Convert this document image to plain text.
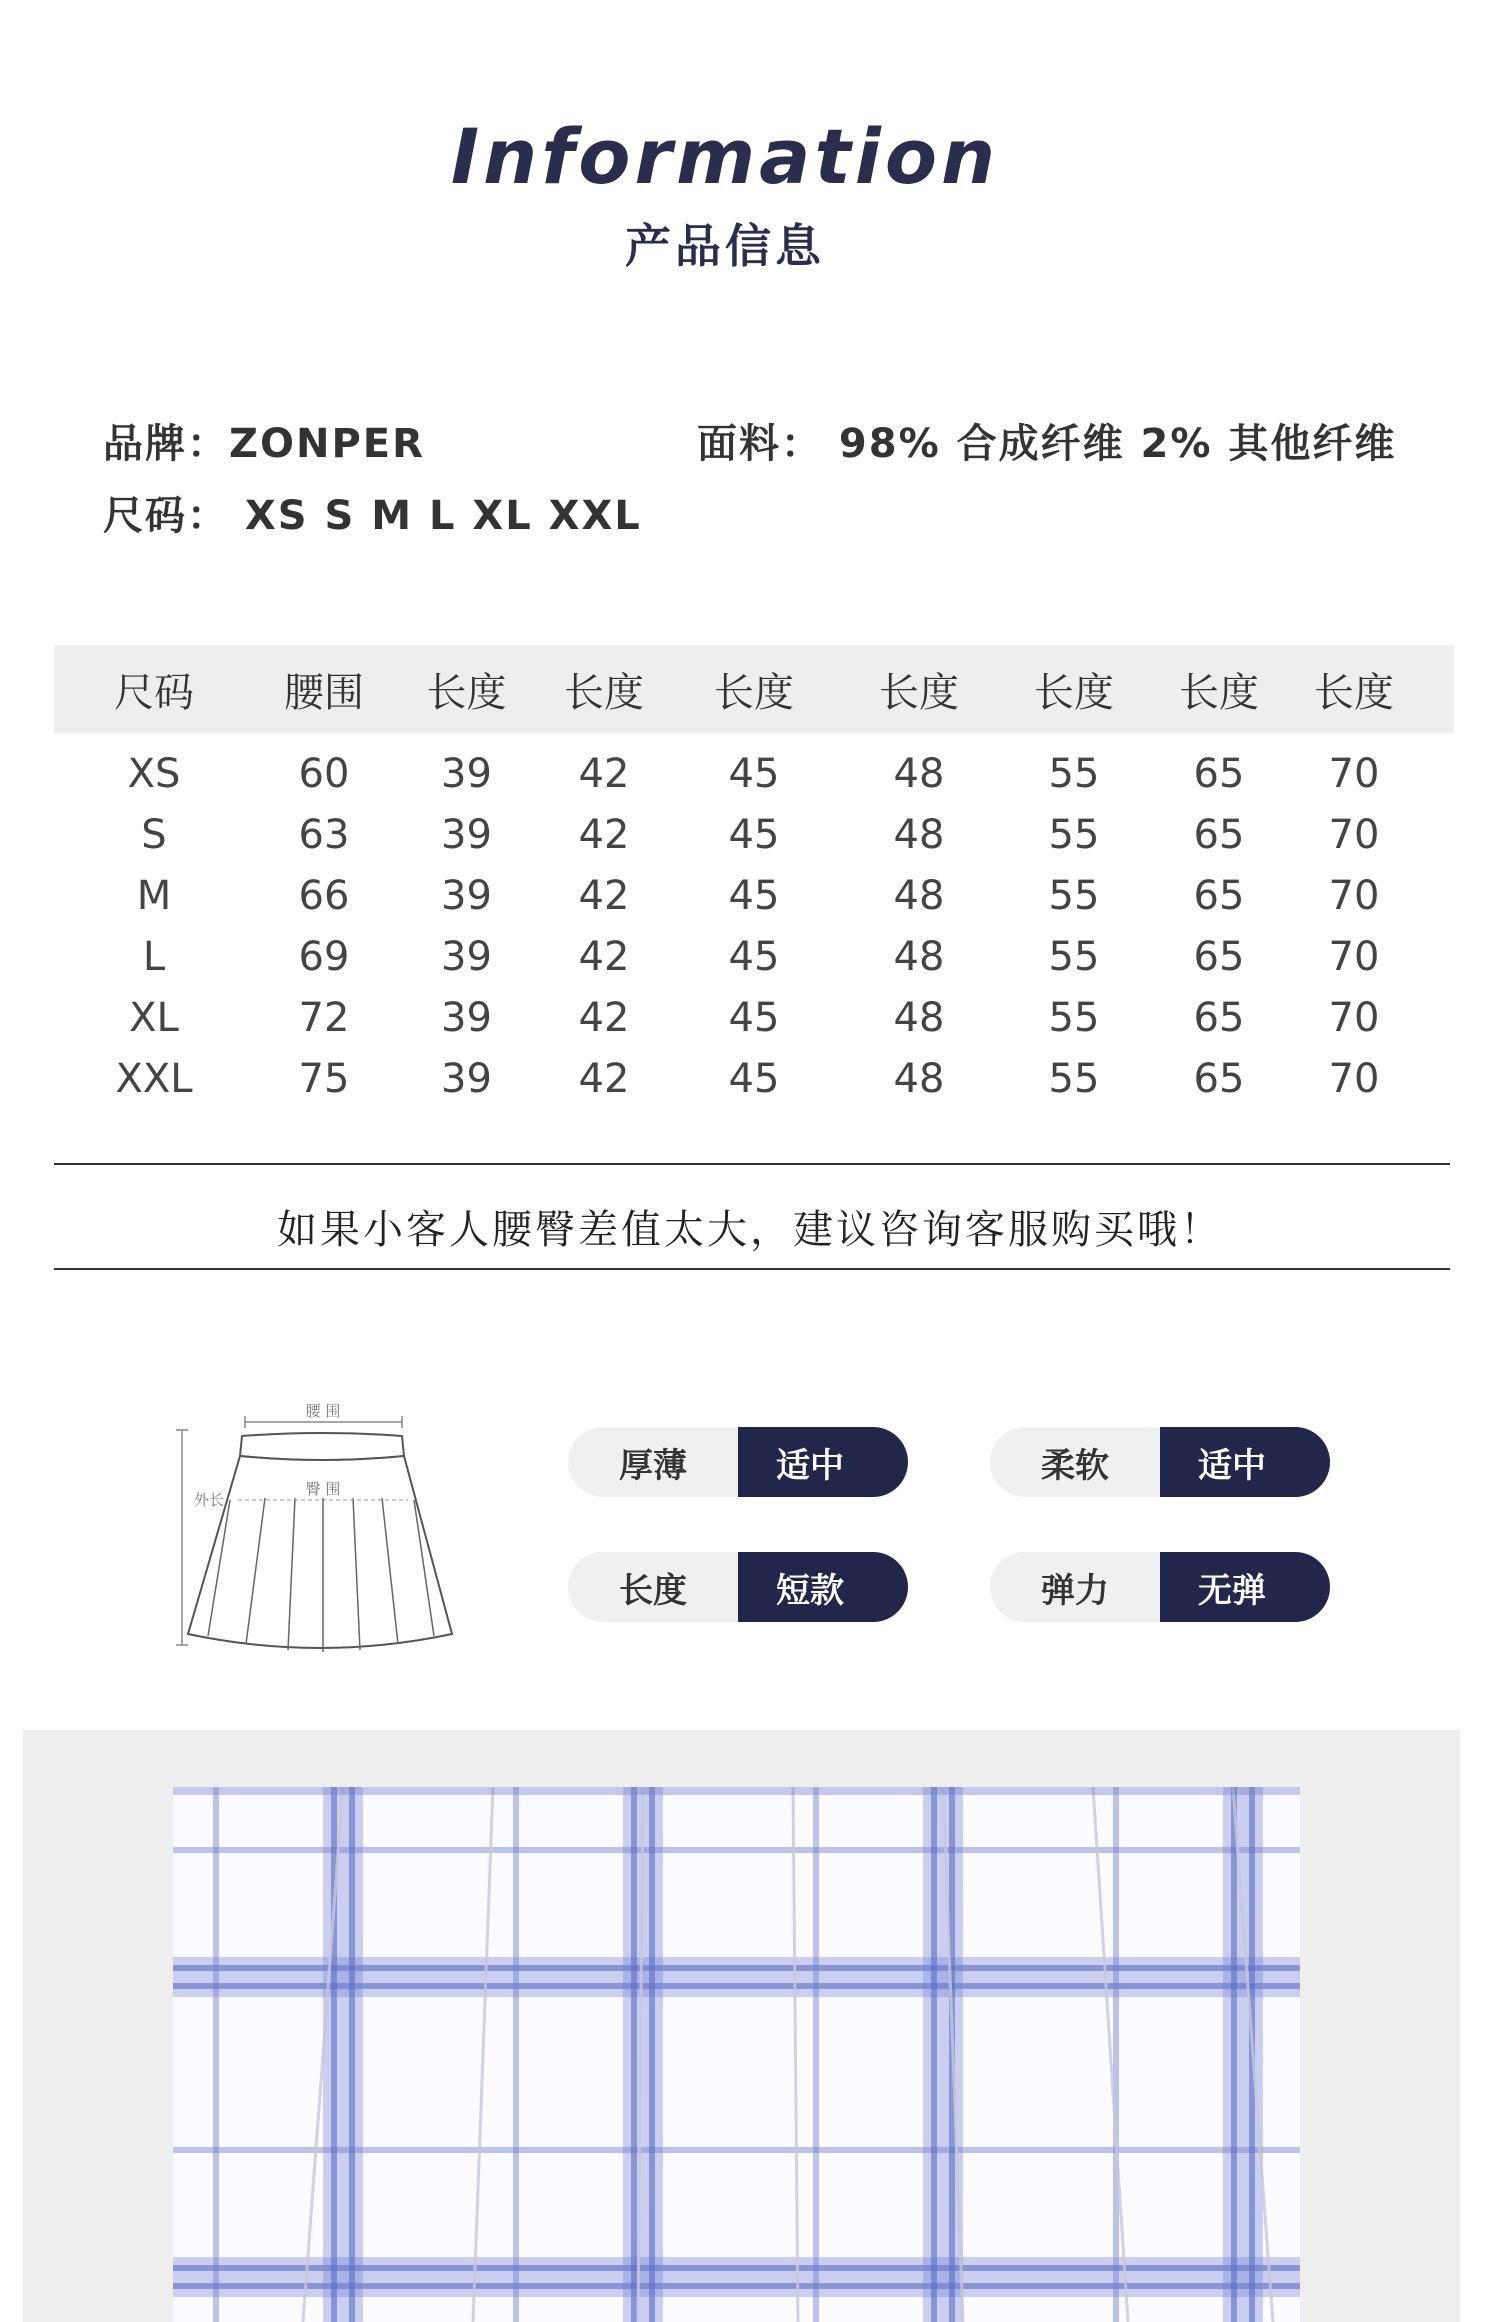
Information
产品信息
品牌：ZONPER	面料： 98% 合成纤维 2% 其他纤维
尺码： XS S M L XL XXL
尺码	腰围	长度	长度	长度	长度	长度	长度	长度
XS	60	39	42	45	48	55	65	70
S	63	39	42	45	48	55	65	70
M	66	39	42	45	48	55	65	70
L	69	39	42	45	48	55	65	70
XL	72	39	42	45	48	55	65	70
XXL	75	39	42	45	48	55	65	70
如果小客人腰臀差值太大，建议咨询客服购买哦！
腰 围
外长
臀 围
厚薄	适中	柔软	适中
长度	短款	弹力	无弹
